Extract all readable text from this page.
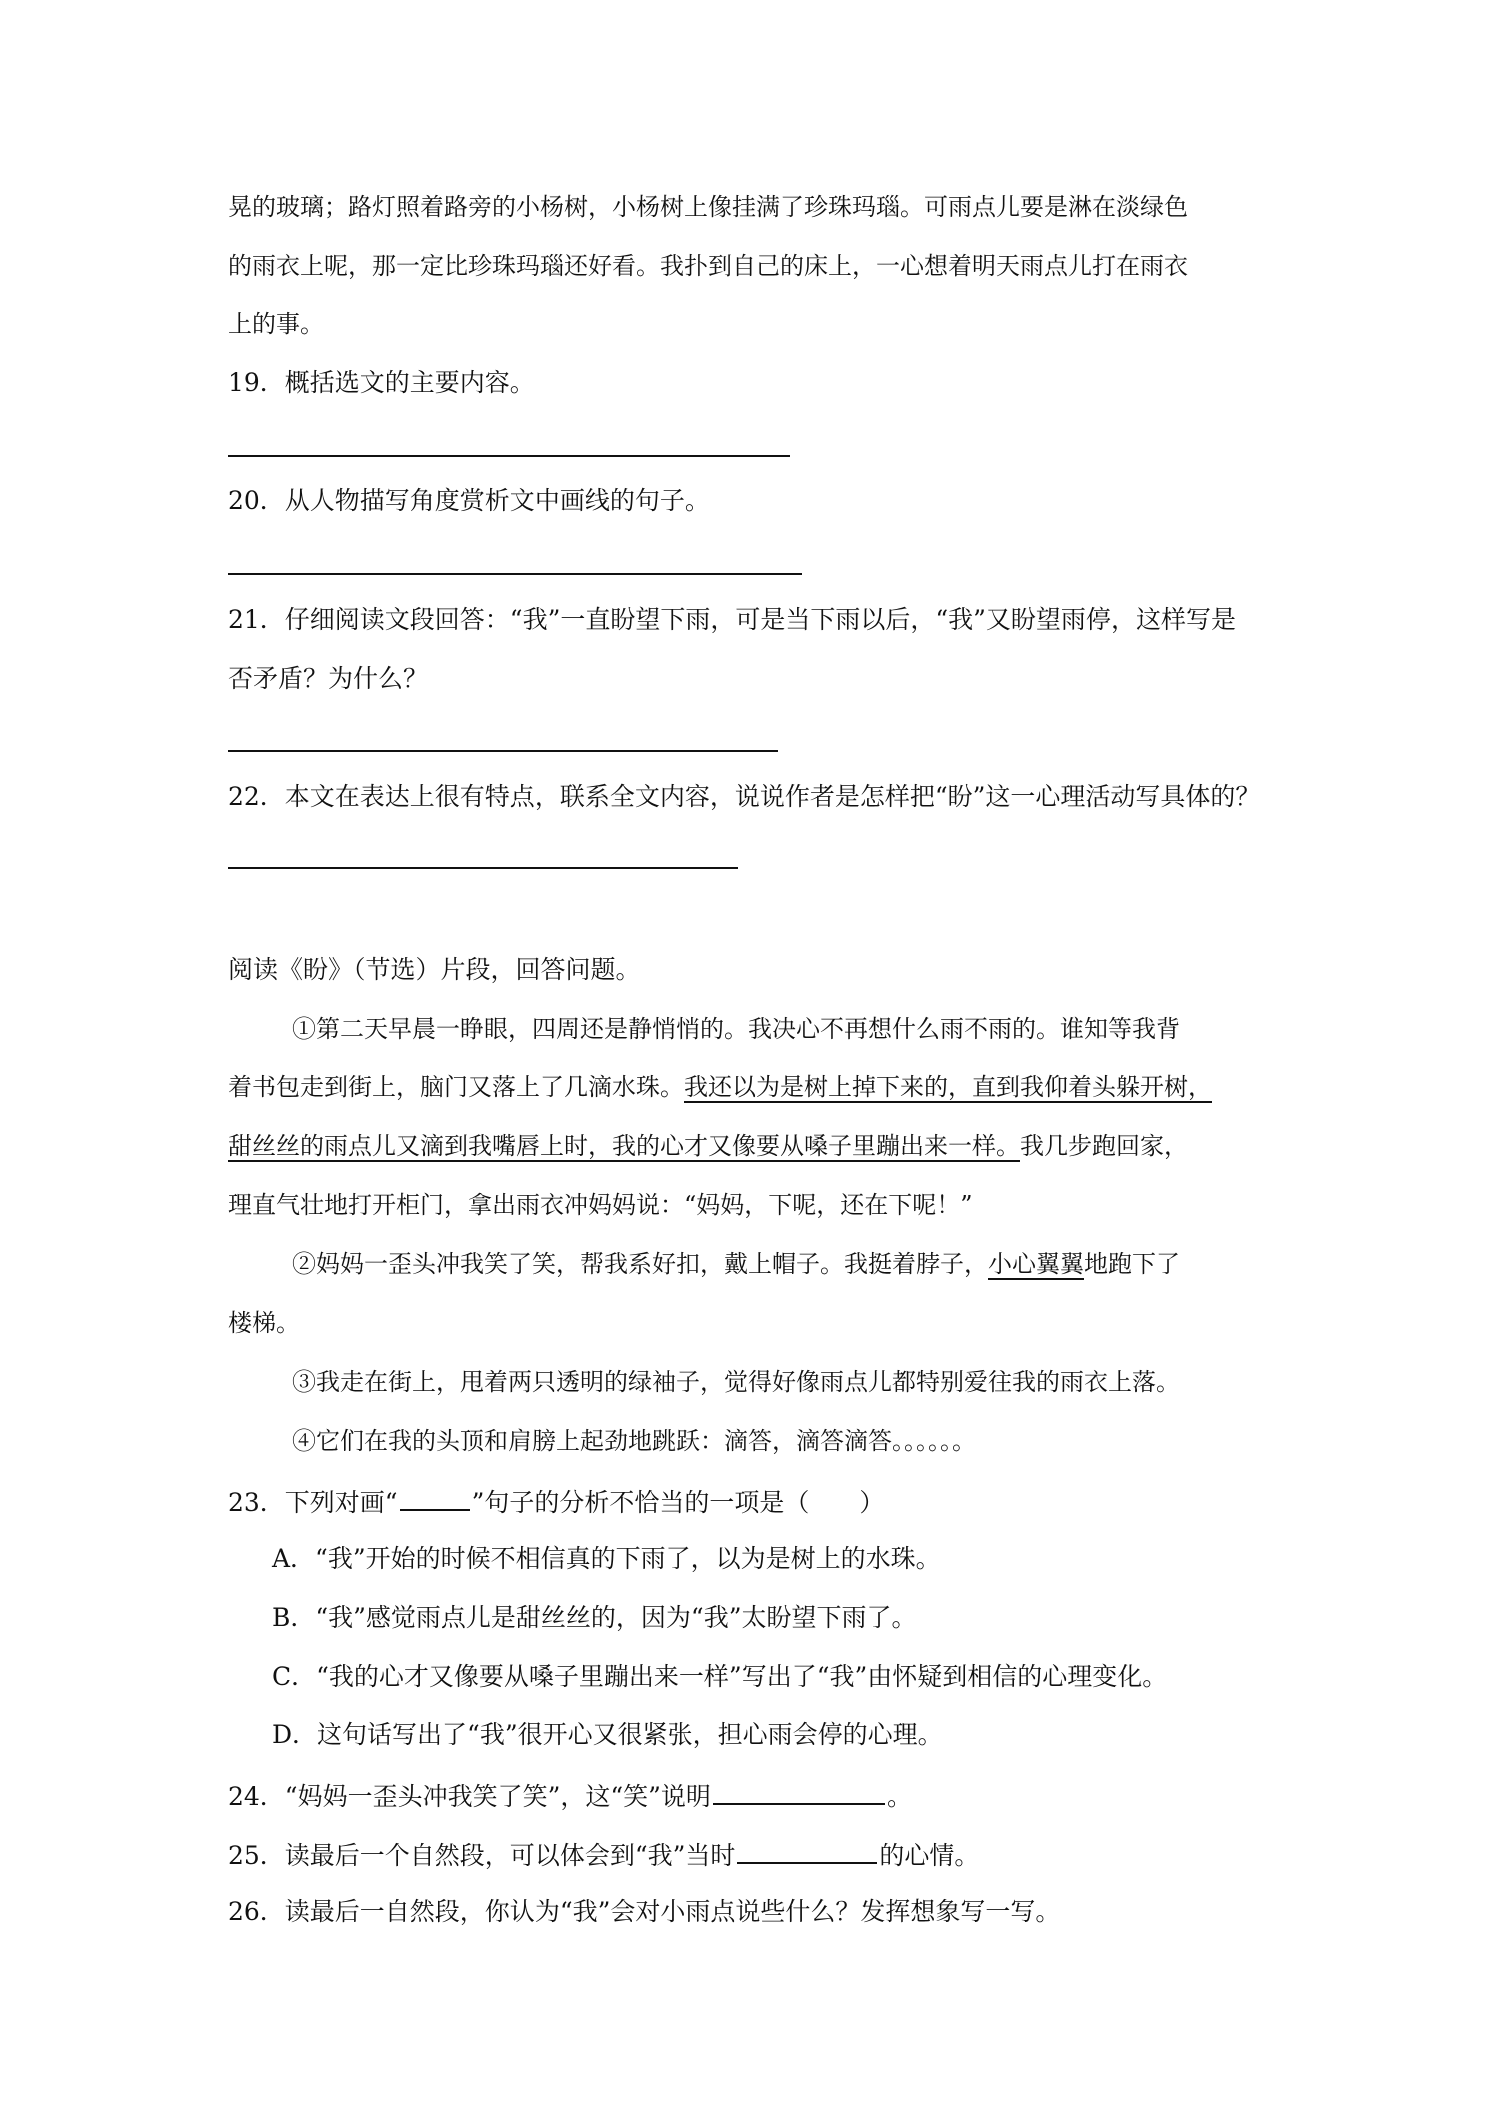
晃的玻璃；路灯照着路旁的小杨树，小杨树上像挂满了珍珠玛瑙。可雨点儿要是淋在淡绿色

的雨衣上呢，那一定比珍珠玛瑙还好看。我扑到自己的床上，一心想着明天雨点儿打在雨衣

上的事。

19．概括选文的主要内容。

20．从人物描写角度赏析文中画线的句子。

21．仔细阅读文段回答：“我”一直盼望下雨，可是当下雨以后，“我”又盼望雨停，这样写是

否矛盾？为什么？

22．本文在表达上很有特点，联系全文内容，说说作者是怎样把“盼”这一心理活动写具体的？

阅读《盼》（节选）片段，回答问题。

①第二天早晨一睁眼，四周还是静悄悄的。我决心不再想什么雨不雨的。谁知等我背

着书包走到街上，脑门又落上了几滴水珠。我还以为是树上掉下来的，直到我仰着头躲开树，

甜丝丝的雨点儿又滴到我嘴唇上时，我的心才又像要从嗓子里蹦出来一样。我几步跑回家，

理直气壮地打开柜门，拿出雨衣冲妈妈说：“妈妈，下呢，还在下呢！”

②妈妈一歪头冲我笑了笑，帮我系好扣，戴上帽子。我挺着脖子，小心翼翼地跑下了

楼梯。

③我走在街上，甩着两只透明的绿袖子，觉得好像雨点儿都特别爱往我的雨衣上落。

④它们在我的头顶和肩膀上起劲地跳跃：滴答，滴答滴答。。。。。。

23．下列对画“	”句子的分析不恰当的一项是（　　）

A．“我”开始的时候不相信真的下雨了，以为是树上的水珠。

B．“我”感觉雨点儿是甜丝丝的，因为“我”太盼望下雨了。

C．“我的心才又像要从嗓子里蹦出来一样”写出了“我”由怀疑到相信的心理变化。

D．这句话写出了“我”很开心又很紧张，担心雨会停的心理。

24．“妈妈一歪头冲我笑了笑”，这“笑”说明	。

25．读最后一个自然段，可以体会到“我”当时	的心情。

26．读最后一自然段，你认为“我”会对小雨点说些什么？发挥想象写一写。
